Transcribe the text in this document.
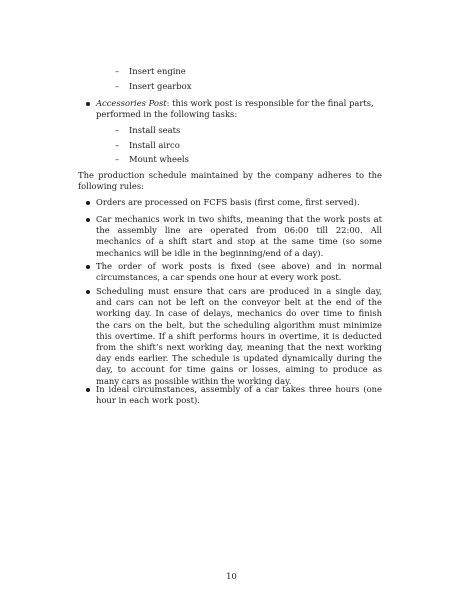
– Insert engine
– Insert gearbox
Accessories Post: this work post is responsible for the final parts, performed in the following tasks:
– Install seats
– Install airco
– Mount wheels
The production schedule maintained by the company adheres to the following rules:
Orders are processed on FCFS basis (first come, first served).
Car mechanics work in two shifts, meaning that the work posts at the assembly line are operated from 06:00 till 22:00. All mechanics of a shift start and stop at the same time (so some mechanics will be idle in the beginning/end of a day).
The order of work posts is fixed (see above) and in normal circumstances, a car spends one hour at every work post.
Scheduling must ensure that cars are produced in a single day, and cars can not be left on the conveyor belt at the end of the working day. In case of delays, mechanics do over time to finish the cars on the belt, but the scheduling algorithm must minimize this overtime. If a shift performs hours in overtime, it is deducted from the shift’s next working day, meaning that the next working day ends earlier. The schedule is updated dynamically during the day, to account for time gains or losses, aiming to produce as many cars as possible within the working day.
In ideal circumstances, assembly of a car takes three hours (one hour in each work post).
10
